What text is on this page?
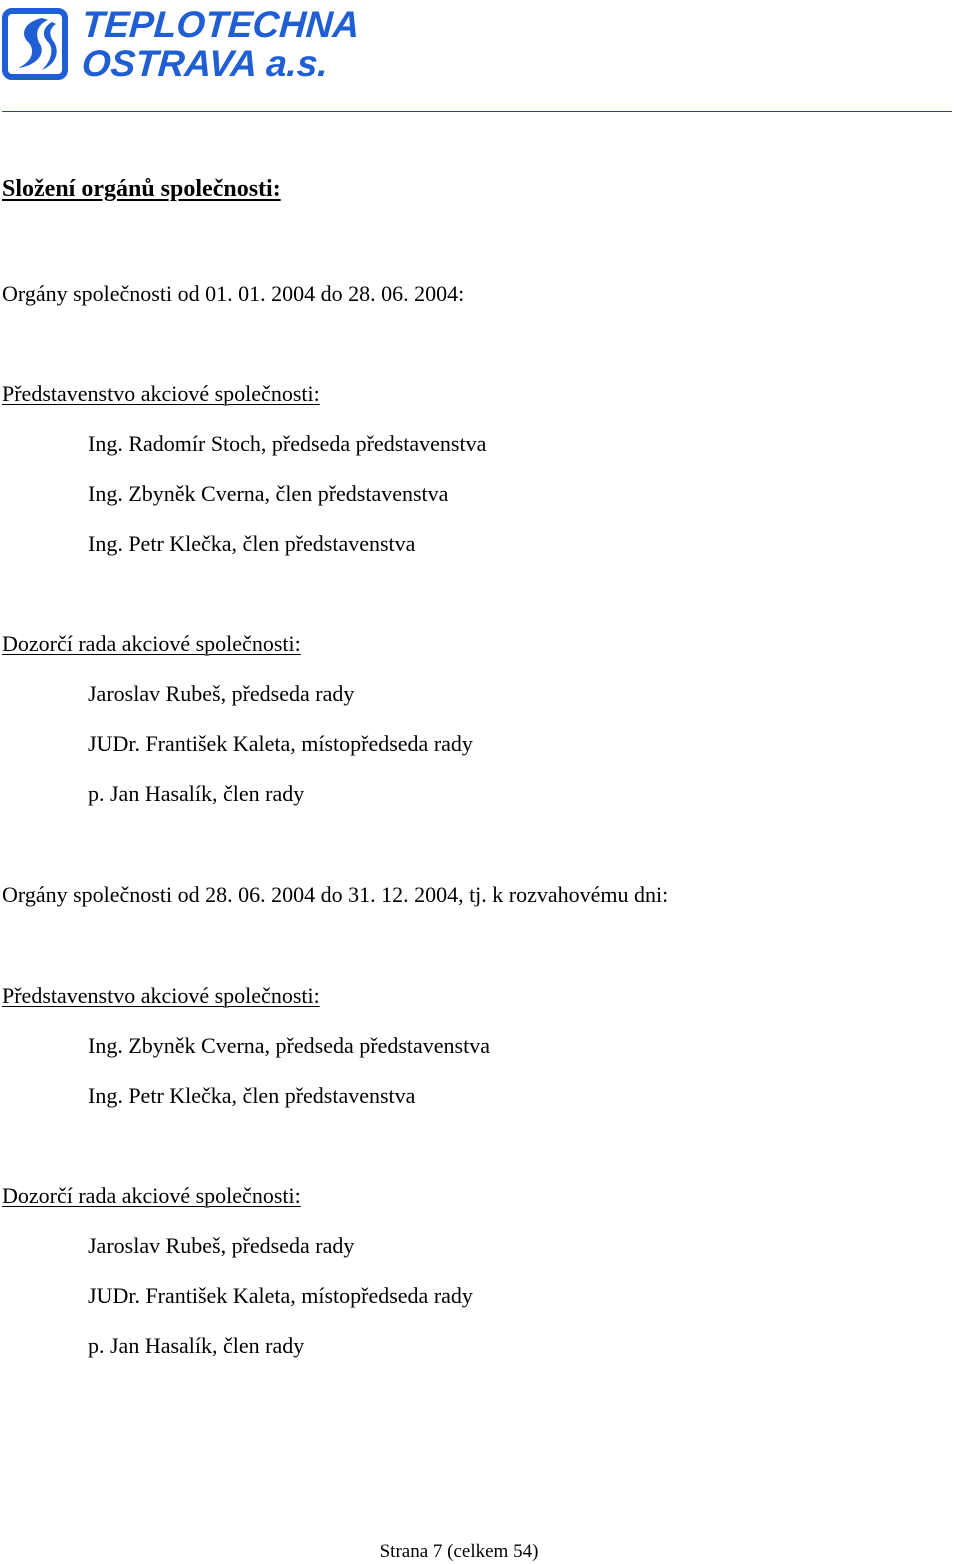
TEPLOTECHNA
OSTRAVA a.s.
Složení orgánů společnosti:
Orgány společnosti od 01. 01. 2004 do 28. 06. 2004:
Představenstvo akciové společnosti:
Ing. Radomír Stoch, předseda představenstva
Ing. Zbyněk Cverna, člen představenstva
Ing. Petr Klečka, člen představenstva
Dozorčí rada akciové společnosti:
Jaroslav Rubeš, předseda rady
JUDr. František Kaleta, místopředseda rady
p. Jan Hasalík, člen rady
Orgány společnosti od 28. 06. 2004 do 31. 12. 2004, tj. k rozvahovému dni:
Představenstvo akciové společnosti:
Ing. Zbyněk Cverna, předseda představenstva
Ing. Petr Klečka, člen představenstva
Dozorčí rada akciové společnosti:
Jaroslav Rubeš, předseda rady
JUDr. František Kaleta, místopředseda rady
p. Jan Hasalík, člen rady
Strana 7 (celkem 54)
